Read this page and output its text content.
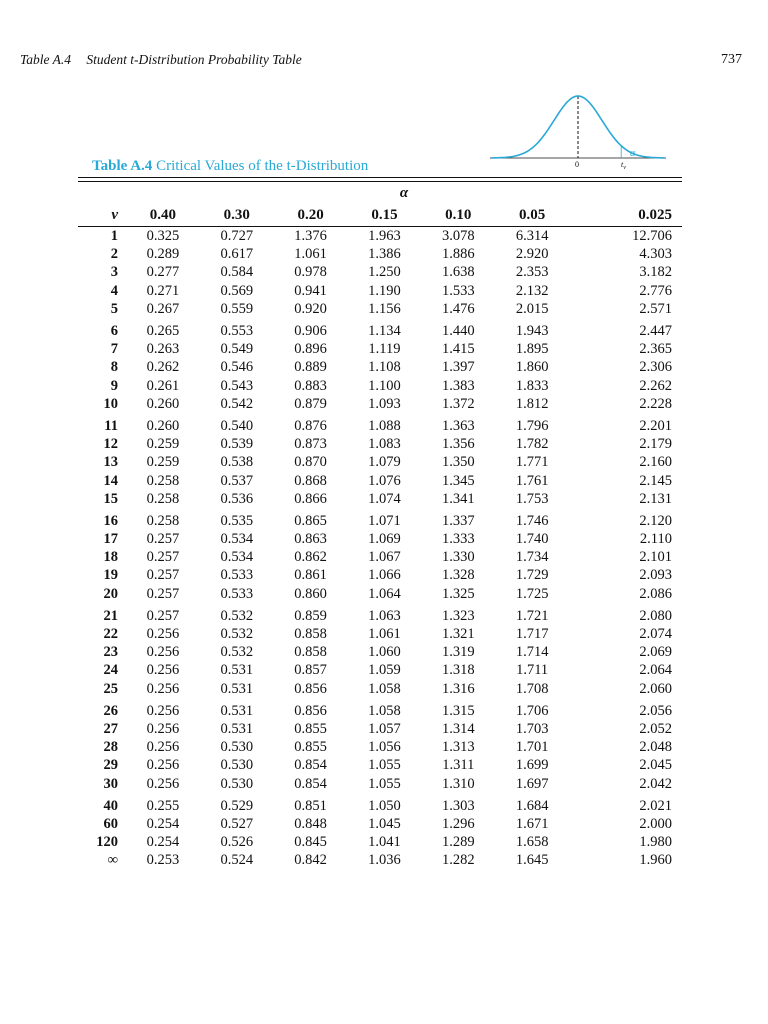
Table A.4 Student t-Distribution Probability Table	737
α
0	$t_v$
Table A.4 Critical Values of the t-Distribution
	α						
v	0.40	0.30	0.20	0.15	0.10	0.05	0.025
1	0.325	0.727	1.376	1.963	3.078	6.314	12.706
2	0.289	0.617	1.061	1.386	1.886	2.920	4.303
3	0.277	0.584	0.978	1.250	1.638	2.353	3.182
4	0.271	0.569	0.941	1.190	1.533	2.132	2.776
5	0.267	0.559	0.920	1.156	1.476	2.015	2.571

6	0.265	0.553	0.906	1.134	1.440	1.943	2.447
7	0.263	0.549	0.896	1.119	1.415	1.895	2.365
8	0.262	0.546	0.889	1.108	1.397	1.860	2.306
9	0.261	0.543	0.883	1.100	1.383	1.833	2.262
10	0.260	0.542	0.879	1.093	1.372	1.812	2.228

11	0.260	0.540	0.876	1.088	1.363	1.796	2.201
12	0.259	0.539	0.873	1.083	1.356	1.782	2.179
13	0.259	0.538	0.870	1.079	1.350	1.771	2.160
14	0.258	0.537	0.868	1.076	1.345	1.761	2.145
15	0.258	0.536	0.866	1.074	1.341	1.753	2.131

16	0.258	0.535	0.865	1.071	1.337	1.746	2.120
17	0.257	0.534	0.863	1.069	1.333	1.740	2.110
18	0.257	0.534	0.862	1.067	1.330	1.734	2.101
19	0.257	0.533	0.861	1.066	1.328	1.729	2.093
20	0.257	0.533	0.860	1.064	1.325	1.725	2.086

21	0.257	0.532	0.859	1.063	1.323	1.721	2.080
22	0.256	0.532	0.858	1.061	1.321	1.717	2.074
23	0.256	0.532	0.858	1.060	1.319	1.714	2.069
24	0.256	0.531	0.857	1.059	1.318	1.711	2.064
25	0.256	0.531	0.856	1.058	1.316	1.708	2.060

26	0.256	0.531	0.856	1.058	1.315	1.706	2.056
27	0.256	0.531	0.855	1.057	1.314	1.703	2.052
28	0.256	0.530	0.855	1.056	1.313	1.701	2.048
29	0.256	0.530	0.854	1.055	1.311	1.699	2.045
30	0.256	0.530	0.854	1.055	1.310	1.697	2.042

40	0.255	0.529	0.851	1.050	1.303	1.684	2.021
60	0.254	0.527	0.848	1.045	1.296	1.671	2.000
120	0.254	0.526	0.845	1.041	1.289	1.658	1.980
∞	0.253	0.524	0.842	1.036	1.282	1.645	1.960
